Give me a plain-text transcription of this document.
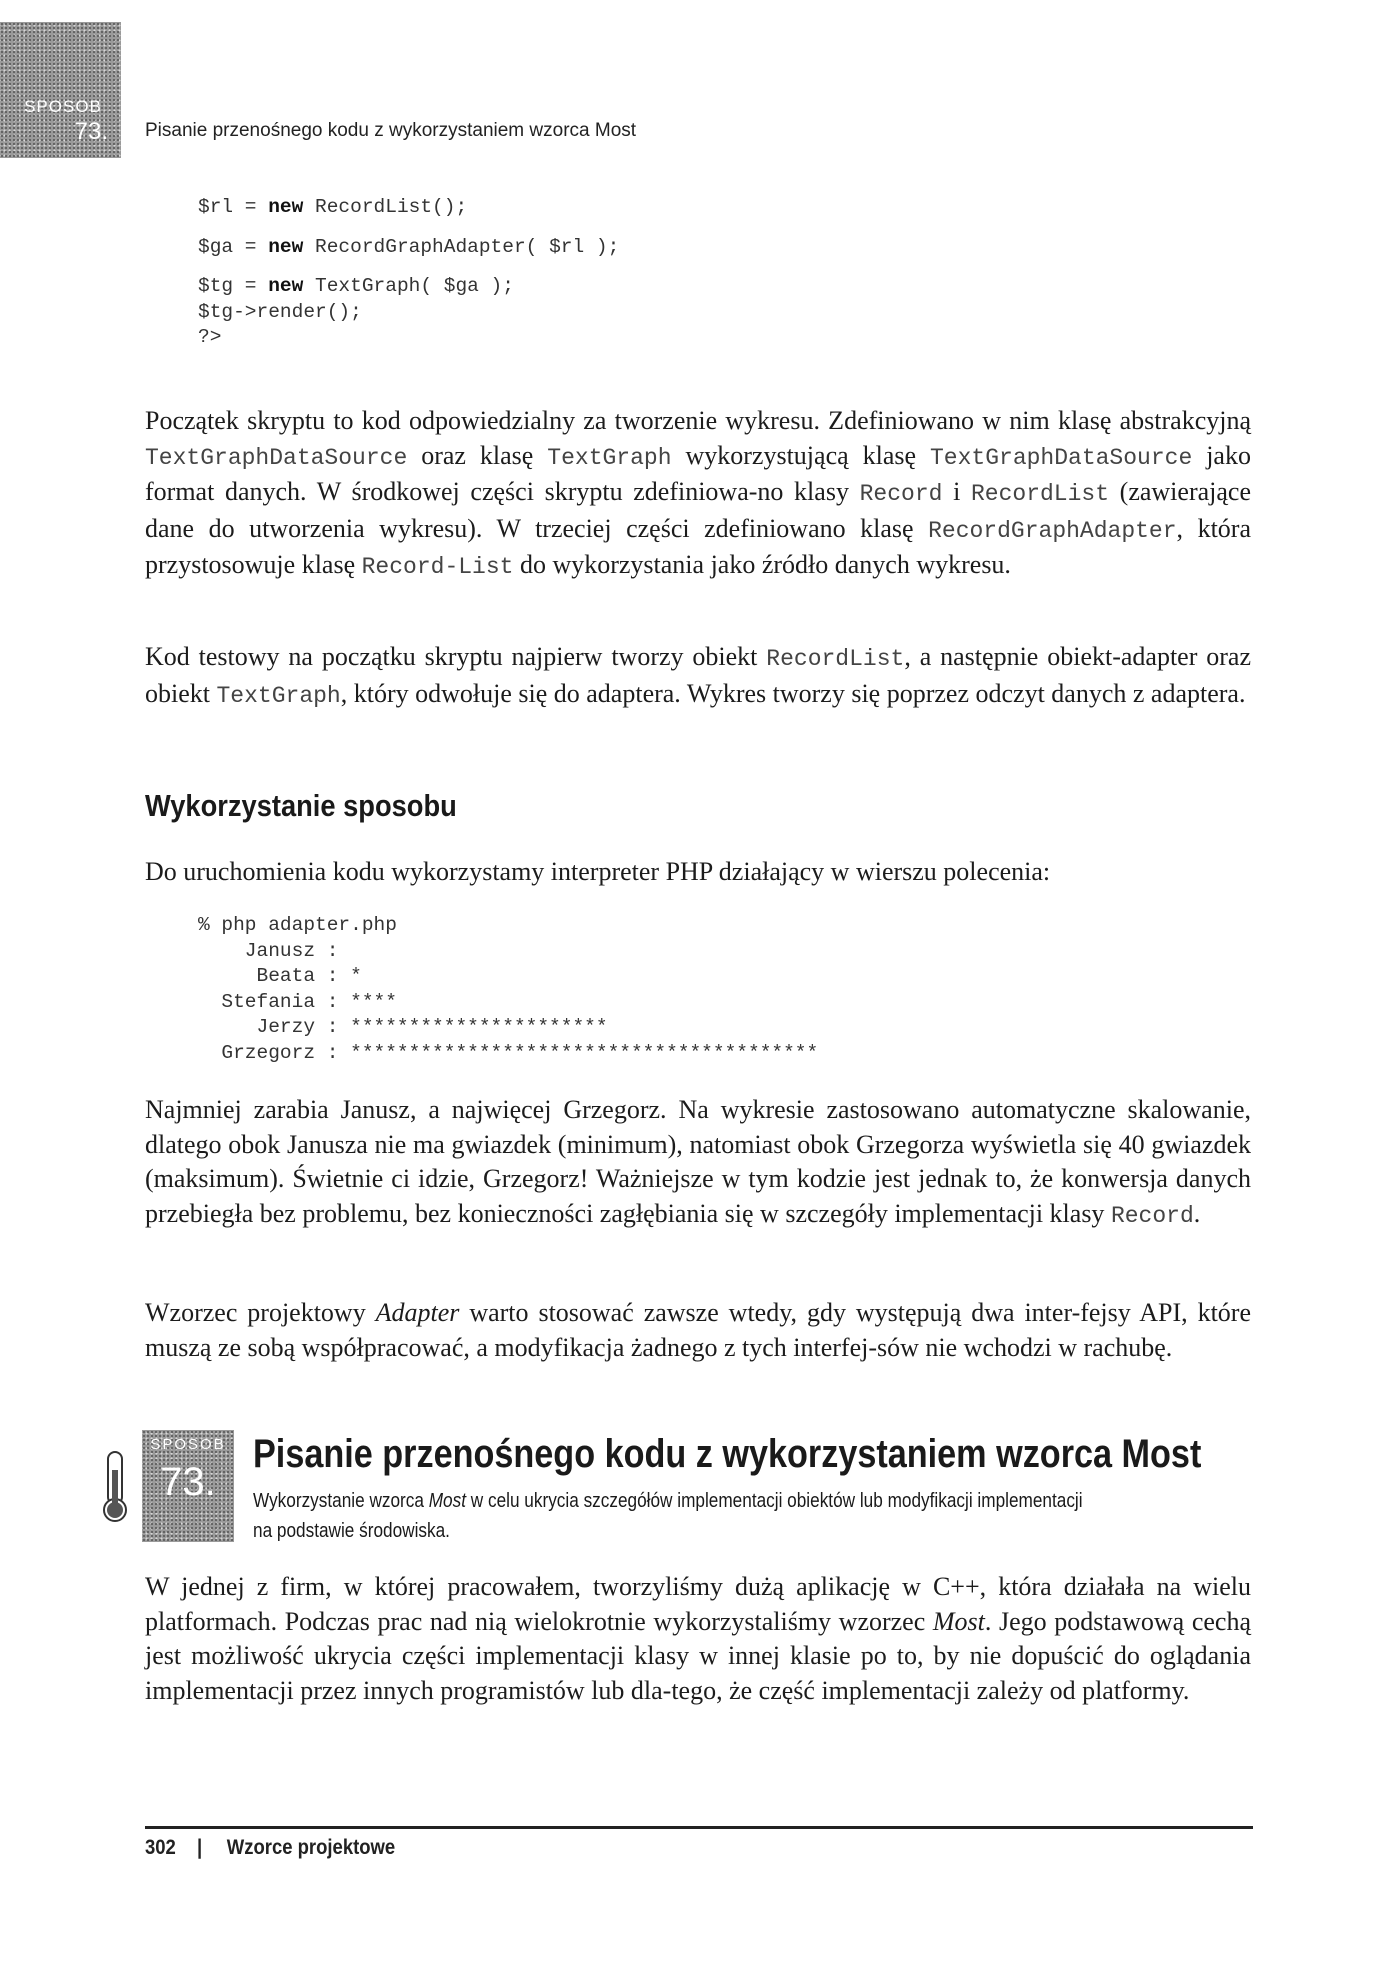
SPOSOB
73.	Pisanie przenośnego kodu z wykorzystaniem wzorca Most
$rl = new RecordList();

$ga = new RecordGraphAdapter( $rl );

$tg = new TextGraph( $ga );
$tg->render();
?>

Początek skryptu to kod odpowiedzialny za tworzenie wykresu. Zdefiniowano w nim klasę abstrakcyjną TextGraphDataSource oraz klasę TextGraph wykorzystującą klasę TextGraphDataSource jako format danych. W środkowej części skryptu zdefiniowa-no klasy Record i RecordList (zawierające dane do utworzenia wykresu). W trzeciej części zdefiniowano klasę RecordGraphAdapter, która przystosowuje klasę Record-List do wykorzystania jako źródło danych wykresu.

Kod testowy na początku skryptu najpierw tworzy obiekt RecordList, a następnie obiekt-adapter oraz obiekt TextGraph, który odwołuje się do adaptera. Wykres tworzy się poprzez odczyt danych z adaptera.

Wykorzystanie sposobu

Do uruchomienia kodu wykorzystamy interpreter PHP działający w wierszu polecenia:

% php adapter.php
Janusz :
Beata : *
Stefania : ****
Jerzy : **********************
Grzegorz : ****************************************

Najmniej zarabia Janusz, a najwięcej Grzegorz. Na wykresie zastosowano automatyczne skalowanie, dlatego obok Janusza nie ma gwiazdek (minimum), natomiast obok Grzegorza wyświetla się 40 gwiazdek (maksimum). Świetnie ci idzie, Grzegorz! Ważniejsze w tym kodzie jest jednak to, że konwersja danych przebiegła bez problemu, bez konieczności zagłębiania się w szczegóły implementacji klasy Record.

Wzorzec projektowy Adapter warto stosować zawsze wtedy, gdy występują dwa inter-fejsy API, które muszą ze sobą współpracować, a modyfikacja żadnego z tych interfej-sów nie wchodzi w rachubę.

SPOSOB
73.
Pisanie przenośnego kodu z wykorzystaniem wzorca Most

Wykorzystanie wzorca Most w celu ukrycia szczegółów implementacji obiektów lub modyfikacji implementacji na podstawie środowiska.

W jednej z firm, w której pracowałem, tworzyliśmy dużą aplikację w C++, która działała na wielu platformach. Podczas prac nad nią wielokrotnie wykorzystaliśmy wzorzec Most. Jego podstawową cechą jest możliwość ukrycia części implementacji klasy w innej klasie po to, by nie dopuścić do oglądania implementacji przez innych programistów lub dla-tego, że część implementacji zależy od platformy.

302 | Wzorce projektowe
